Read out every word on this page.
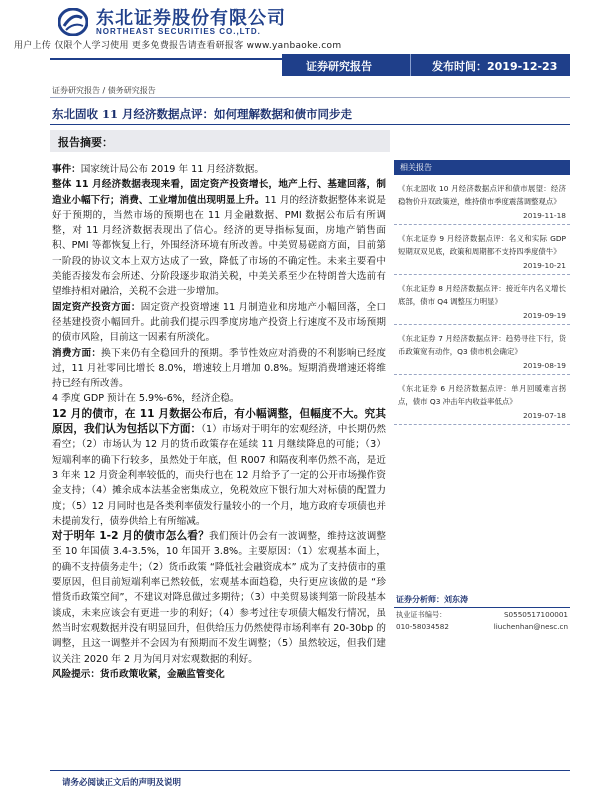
东北证券股份有限公司
NORTHEAST SECURITIES CO.,LTD.
用户上传 仅限个人学习使用 更多免费报告请查看研报客 www.yanbaoke.com
证券研究报告	发布时间：2019-12-23
证券研究报告 / 债务研究报告
东北固收 11 月经济数据点评：如何理解数据和债市同步走
报告摘要：

事件：国家统计局公布 2019 年 11 月经济数据。

整体 11 月经济数据表现来看，固定资产投资增长，地产上行、基建回落，制造业小幅下行；消费、工业增加值出现明显上升。11 月的经济数据整体来说是好于预期的，当然市场的预期也在 11 月金融数据、PMI 数据公布后有所调整，对 11 月经济数据表现出了信心。经济的更导指标复面，房地产销售面积、PMI 等都恢复上行，外围经济环境有所改善。中美贸易磋商方面，目前第一阶段的协议文本上双方达成了一致，降低了市场的不确定性。未来主要看中美能否接发布会所述、分阶段逐步取消关税，中美关系至少在特朗普大选前有望维持相对融洽，关税不会进一步增加。

固定资产投资方面：固定资产投资增速 11 月制造业和房地产小幅回落，全口径基建投资小幅回升。此前我们提示四季度房地产投资上行速度不及市场预期的债市风险，目前这一因素有所淡化。

消费方面：换下来仍有全稳回升的预期。季节性效应对消费的不利影响已经度过，11 月社零同比增长 8.0%，增速较上月增加 0.8%。短期消费增速还将维持已经有所改善。

4 季度 GDP 预计在 5.9%-6%，经济企稳。

12 月的债市，在 11 月数据公布后，有小幅调整，但幅度不大。究其原因，我们认为包括以下方面：（1）市场对于明年的宏观经济，中长期仍然看空；（2）市场认为 12 月的货币政策存在延续 11 月继续降息的可能；（3）短端利率的确下行较多，虽然处于年底，但 R007 和隔夜利率仍然不高，是近 3 年来 12 月资金利率较低的，而央行也在 12 月给予了一定的公开市场操作资金支持；（4）摊余成本法基金密集成立，免税效应下银行加大对标债的配置力度；（5）12 月同时也是各类利率债发行量较小的一个月，地方政府专项债也并未提前发行，债券供给上有所缩减。

对于明年 1-2 月的债市怎么看？我们预计仍会有一波调整，维持这波调整至 10 年国债 3.4-3.5%，10 年国开 3.8%。主要原因：（1）宏观基本面上，的确不支持债务走牛；（2）货币政策 “降低社会融资成本” 成为了支持债市的重要原因，但目前短端利率已然较低，宏观基本面趋稳，央行更应该做的是 “珍惜货币政策空间”，不建议对降息做过多期待；（3）中美贸易谈判第一阶段基本谈成，未来应该会有更进一步的利好；（4）参考过往专项债大幅发行情况，虽然当时宏观数据并没有明显回升，但供给压力仍然使得市场利率有 20-30bp 的调整，且这一调整并不会因为有预期而不发生调整；（5）虽然较远，但我们建议关注 2020 年 2 月为闰月对宏观数据的利好。

风险提示：货币政策收紧，金融监管变化

相关报告
《东北固收 10 月经济数据点评和债市展望：经济稳物价升双政策逆，维持债市季度震荡调整观点》
2019-11-18
《东北证券 9 月经济数据点评：名义和实际 GDP 短期双双见底，政策和周期都不支持四季度债牛》
2019-10-21
《东北证券 8 月经济数据点评：接近年内名义增长底部，债市 Q4 调整压力明显》
2019-09-19
《东北证券 7 月经济数据点评：趋势寻往下行，货币政策宽有动作，Q3 债市机会确定》
2019-08-19
《东北证券 6 月经济数据点评：单月回暖难言拐点，债市 Q3 冲击年内收益率低点》
2019-07-18
证券分析师：刘东涛
执业证书编号：	S0550517100001
010-58034582	liuchenhan@nesc.cn
请务必阅读正文后的声明及说明
